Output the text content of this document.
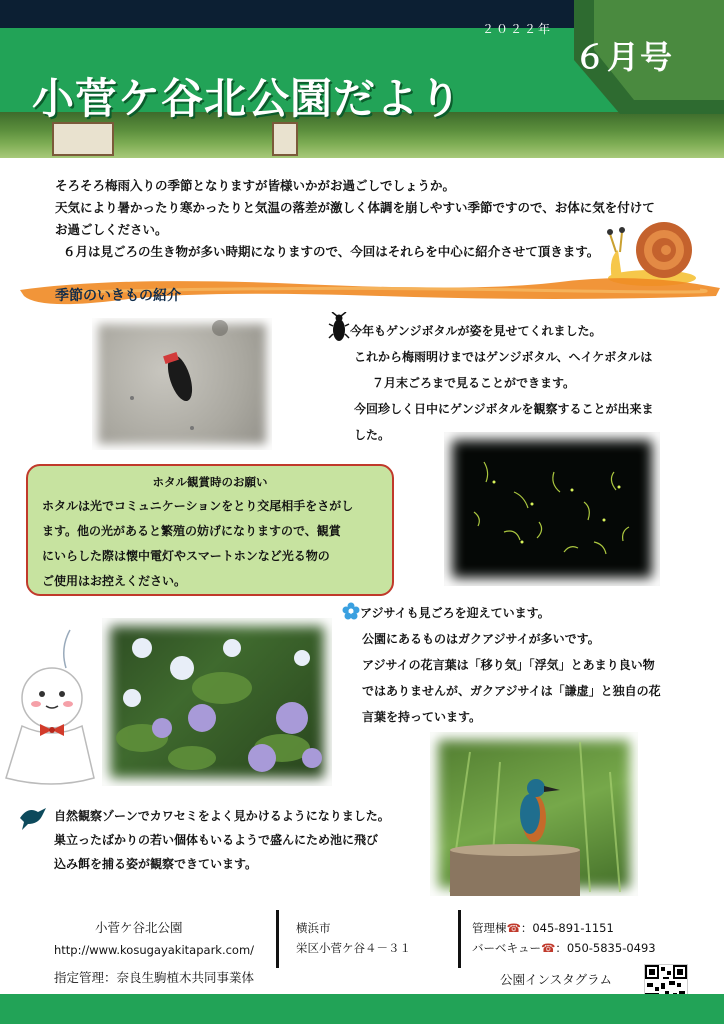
２０２２年
６月号
小菅ケ谷北公園だより

そろそろ梅雨入りの季節となりますが皆様いかがお過ごしでしょうか。

天気により暑かったり寒かったりと気温の落差が激しく体調を崩しやすい季節ですので、お体に気を付けて

お過ごしください。

６月は見ごろの生き物が多い時期になりますので、今回はそれらを中心に紹介させて頂きます。

季節のいきもの紹介

今年もゲンジボタルが姿を見せてくれました。

これから梅雨明けまではゲンジボタル、ヘイケボタルは

７月末ごろまで見ることができます。

今回珍しく日中にゲンジボタルを観察することが出来ま

した。

ホタル観賞時のお願い

ホタルは光でコミュニケーションをとり交尾相手をさがし

ます。他の光があると繁殖の妨げになりますので、観賞

にいらした際は懐中電灯やスマートホンなど光る物の

ご使用はお控えください。

アジサイも見ごろを迎えています。

公園にあるものはガクアジサイが多いです。

アジサイの花言葉は「移り気」「浮気」とあまり良い物

ではありませんが、ガクアジサイは「謙虚」と独自の花

言葉を持っています。

自然観察ゾーンでカワセミをよく見かけるようになりました。

巣立ったばかりの若い個体もいるようで盛んにため池に飛び

込み餌を捕る姿が観察できています。

小菅ケ谷北公園
http://www.kosugayakitapark.com/
指定管理：奈良生駒植木共同事業体
横浜市
栄区小菅ケ谷４－３１
管理棟☎：045-891-1151
バーベキュー☎：050-5835-0493
公園インスタグラム
